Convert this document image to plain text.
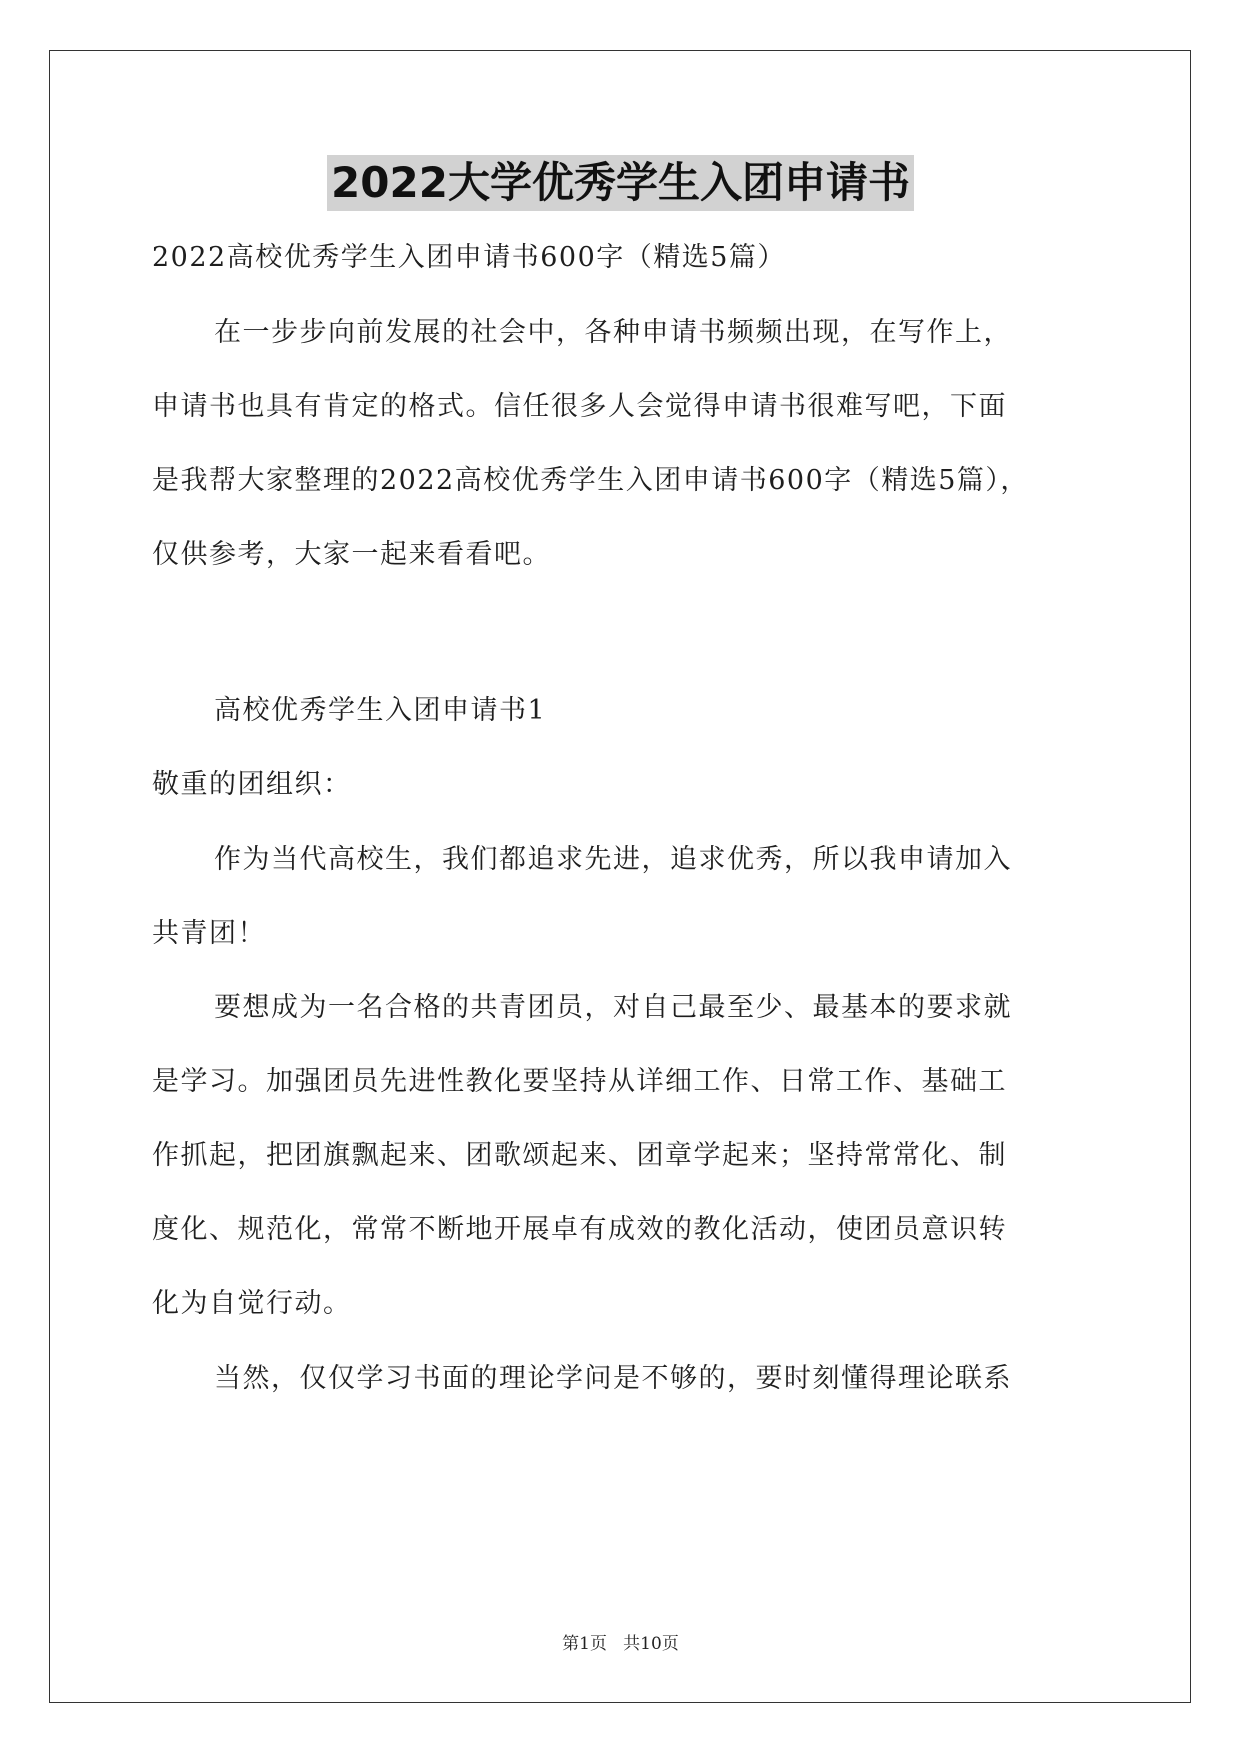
2022大学优秀学生入团申请书
2022高校优秀学生入团申请书600字（精选5篇）
在一步步向前发展的社会中，各种申请书频频出现，在写作上，
申请书也具有肯定的格式。信任很多人会觉得申请书很难写吧，下面
是我帮大家整理的2022高校优秀学生入团申请书600字（精选5篇），
仅供参考，大家一起来看看吧。
高校优秀学生入团申请书1
敬重的团组织：
作为当代高校生，我们都追求先进，追求优秀，所以我申请加入
共青团！
要想成为一名合格的共青团员，对自己最至少、最基本的要求就
是学习。加强团员先进性教化要坚持从详细工作、日常工作、基础工
作抓起，把团旗飘起来、团歌颂起来、团章学起来；坚持常常化、制
度化、规范化，常常不断地开展卓有成效的教化活动，使团员意识转
化为自觉行动。
当然，仅仅学习书面的理论学问是不够的，要时刻懂得理论联系
第1页   共10页
